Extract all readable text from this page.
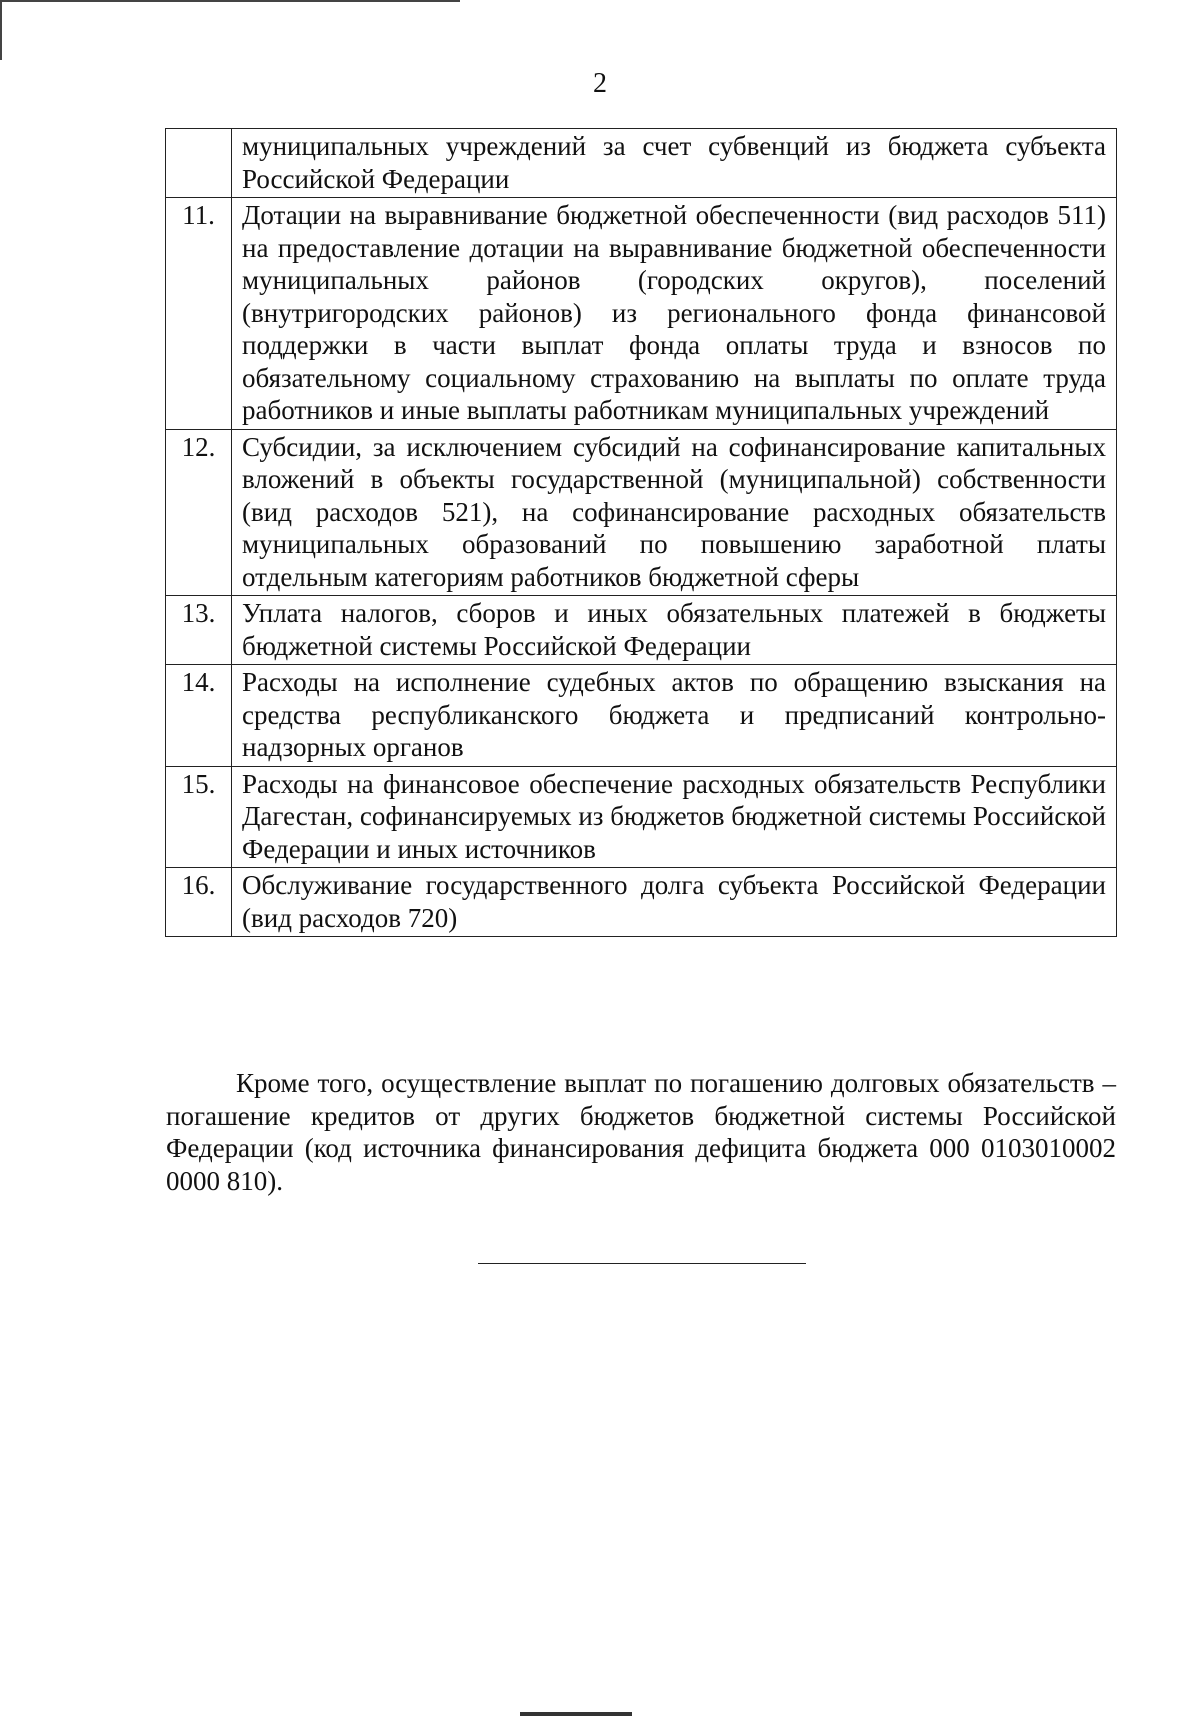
2
	муниципальных учреждений за счет субвенций из бюджета субъекта Российской Федерации
11.	Дотации на выравнивание бюджетной обеспеченности (вид расходов 511) на предоставление дотации на выравнивание бюджетной обеспеченности муниципальных районов (городских округов), поселений (внутригородских районов) из регионального фонда финансовой поддержки в части выплат фонда оплаты труда и взносов по обязательному социальному страхованию на выплаты по оплате труда работников и иные выплаты работникам муниципальных учреждений
12.	Субсидии, за исключением субсидий на софинансирование капитальных вложений в объекты государственной (муниципальной) собственности (вид расходов 521), на софинансирование расходных обязательств муниципальных образований по повышению заработной платы отдельным категориям работников бюджетной сферы
13.	Уплата налогов, сборов и иных обязательных платежей в бюджеты бюджетной системы Российской Федерации
14.	Расходы на исполнение судебных актов по обращению взыскания на средства республиканского бюджета и предписаний контрольно-надзорных органов
15.	Расходы на финансовое обеспечение расходных обязательств Республики Дагестан, софинансируемых из бюджетов бюджетной системы Российской Федерации и иных источников
16.	Обслуживание государственного долга субъекта Российской Федерации (вид расходов 720)

Кроме того, осуществление выплат по погашению долговых обязательств – погашение кредитов от других бюджетов бюджетной системы Российской Федерации (код источника финансирования дефицита бюджета 000 0103010002 0000 810).
